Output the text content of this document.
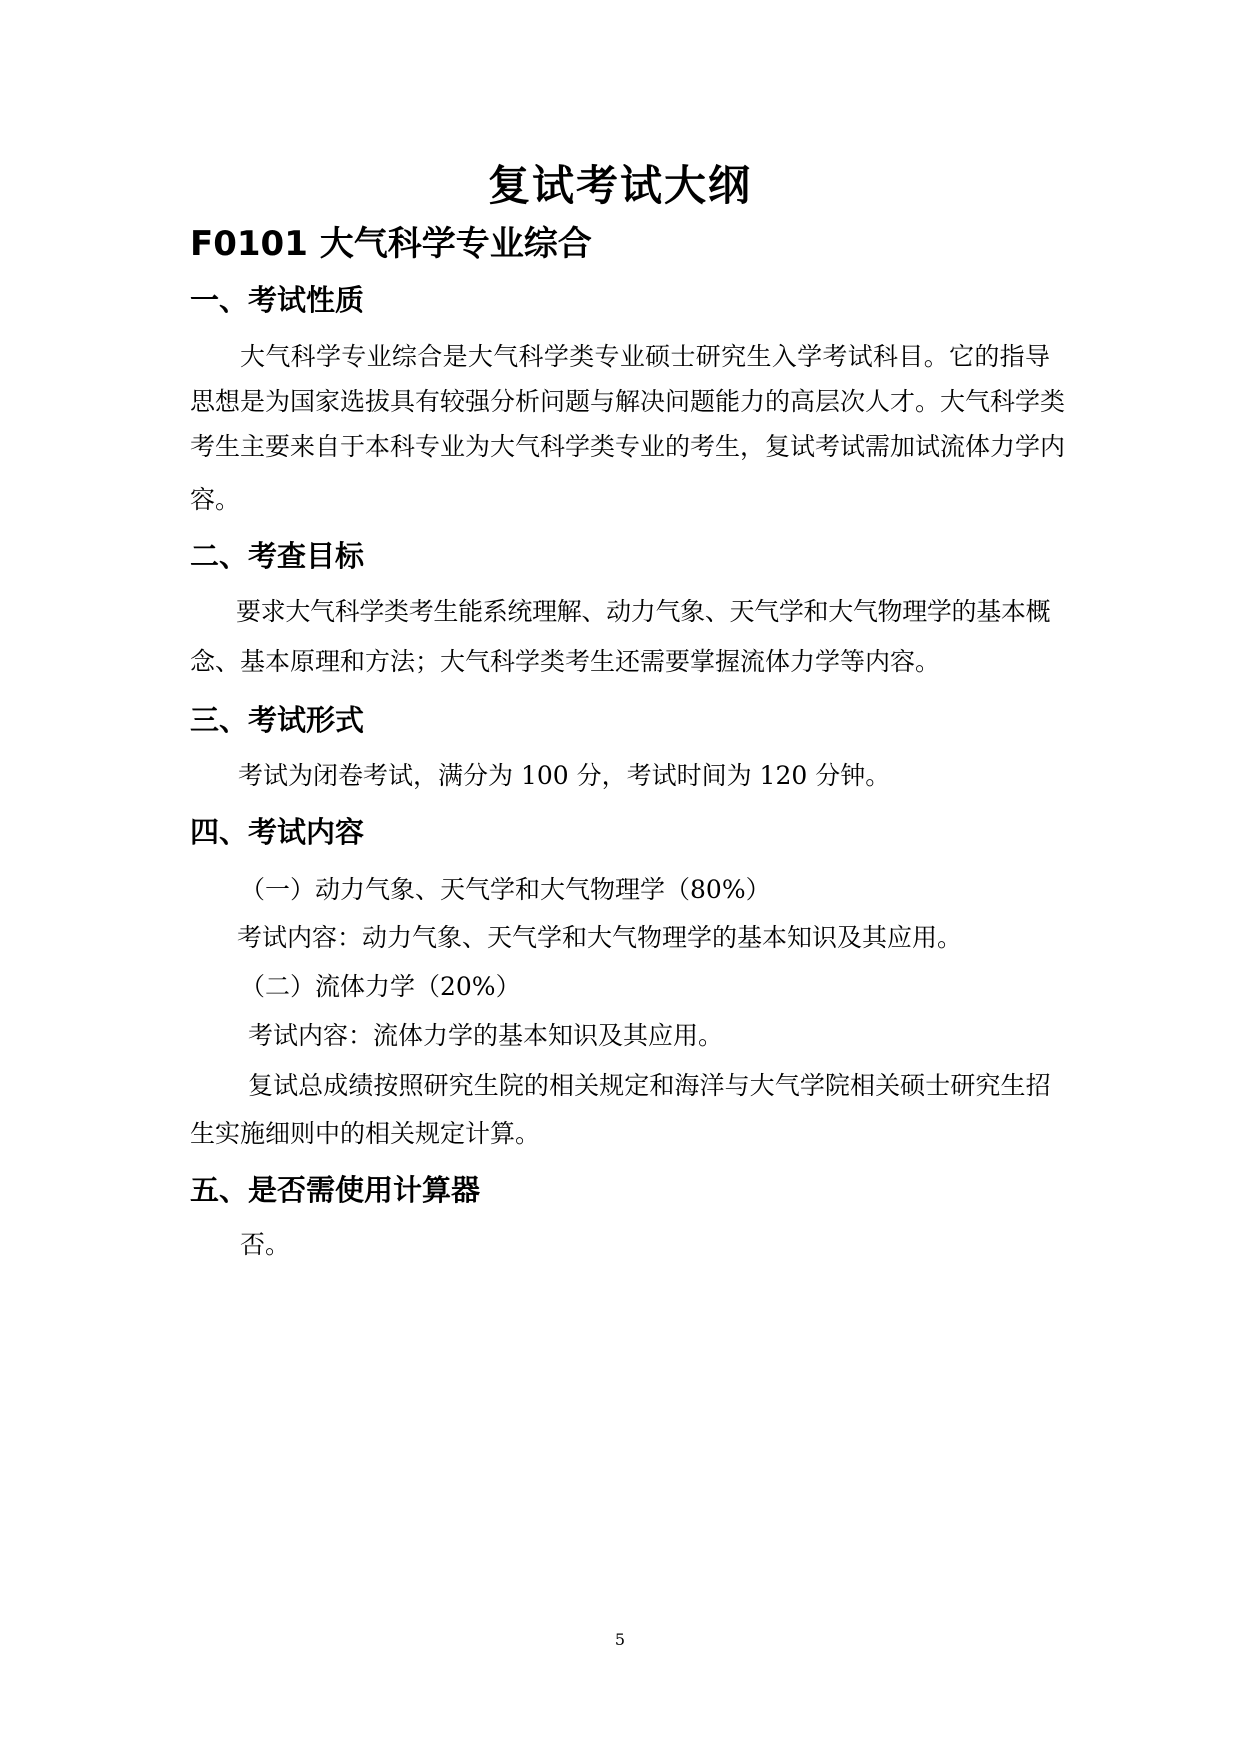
复试考试大纲
F0101 大气科学专业综合
一、考试性质
大气科学专业综合是大气科学类专业硕士研究生入学考试科目。它的指导
思想是为国家选拔具有较强分析问题与解决问题能力的高层次人才。大气科学类
考生主要来自于本科专业为大气科学类专业的考生，复试考试需加试流体力学内
容。
二、考查目标
要求大气科学类考生能系统理解、动力气象、天气学和大气物理学的基本概
念、基本原理和方法；大气科学类考生还需要掌握流体力学等内容。
三、考试形式
考试为闭卷考试，满分为 100 分，考试时间为 120 分钟。
四、考试内容
（一）动力气象、天气学和大气物理学（80%）
考试内容：动力气象、天气学和大气物理学的基本知识及其应用。
（二）流体力学（20%）
考试内容：流体力学的基本知识及其应用。
复试总成绩按照研究生院的相关规定和海洋与大气学院相关硕士研究生招
生实施细则中的相关规定计算。
五、是否需使用计算器
否。
5
